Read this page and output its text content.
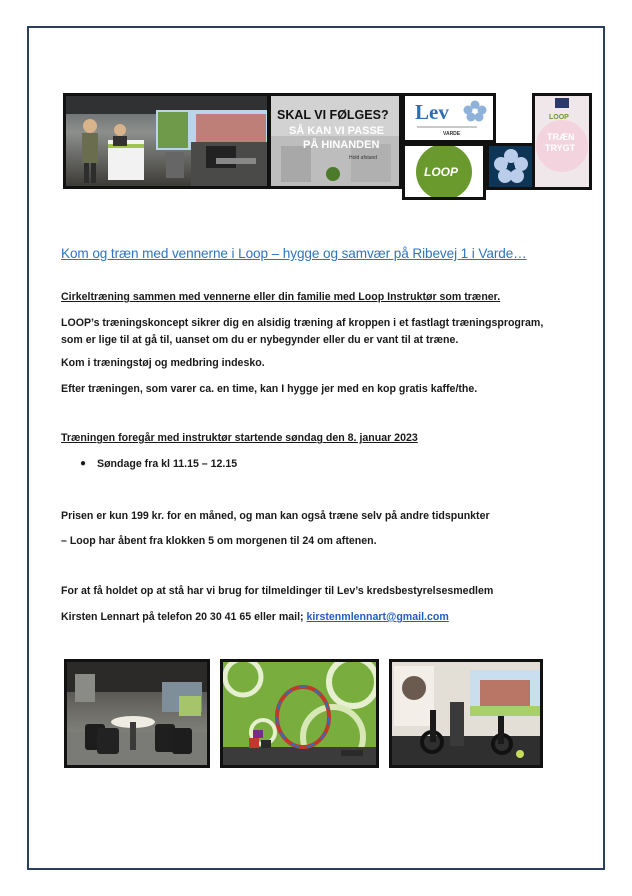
SKAL VI FØLGES?
SÅ KAN VI PASSE
PÅ HINANDEN
Hold afstand
Lev
VARDE
LOOP
LOOP
TRÆN
TRYGT
Kom og træn med vennerne i Loop – hygge og samvær på Ribevej 1 i Varde…
Cirkeltræning sammen med vennerne eller din familie med Loop Instruktør som træner.
LOOP’s træningskoncept sikrer dig en alsidig træning af kroppen i et fastlagt træningsprogram,
som er lige til at gå til, uanset om du er nybegynder eller du er vant til at træne.
Kom i træningstøj og medbring indesko.
Efter træningen, som varer ca. en time, kan I hygge jer med en kop gratis kaffe/the.
Træningen foregår med instruktør startende søndag den 8. januar 2023
● Søndage fra kl 11.15 – 12.15
Prisen er kun 199 kr. for en måned, og man kan også træne selv på andre tidspunkter
– Loop har åbent fra klokken 5 om morgenen til 24 om aftenen.
For at få holdet op at stå har vi brug for tilmeldinger til Lev’s kredsbestyrelsesmedlem
Kirsten Lennart på telefon 20 30 41 65 eller mail; kirstenmlennart@gmail.com
